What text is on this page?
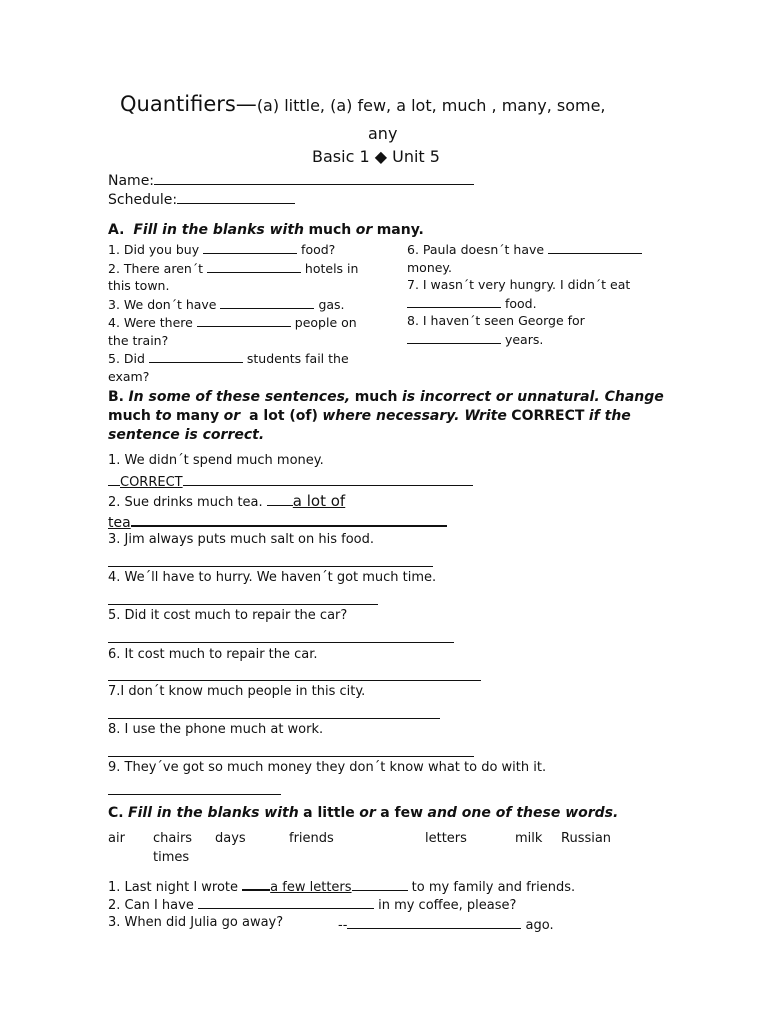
Quantifiers—(a) little, (a) few, a lot, much , many, some,
any
Basic 1 ◆ Unit 5
Name:
Schedule:
A. Fill in the blanks with much or many.
1. Did you buy	food?
2. There aren´t	hotels in
this town.
3. We don´t have	gas.
4. Were there	people on
the train?
5. Did	students fail the
exam?
6. Paula doesn´t have
money.
7. I wasn´t very hungry. I didn´t eat
food.
8. I haven´t seen George for
years.
B. In some of these sentences, much is incorrect or unnatural. Change
much to many or a lot (of) where necessary. Write CORRECT if the
sentence is correct.
1. We didn´t spend much money.
CORRECT
2. Sue drinks much tea. a lot of
tea
3. Jim always puts much salt on his food.
4. We´ll have to hurry. We haven´t got much time.
5. Did it cost much to repair the car?
6. It cost much to repair the car.
7.I don´t know much people in this city.
8. I use the phone much at work.
9. They´ve got so much money they don´t know what to do with it.
C. Fill in the blanks with a little or a few and one of these words.
air chairs days	friends	letters	milk Russian
times
1. Last night I wrote a few letters	to my family and friends.
2. Can I have	in my coffee, please?
3. When did Julia go away?	--	ago.
